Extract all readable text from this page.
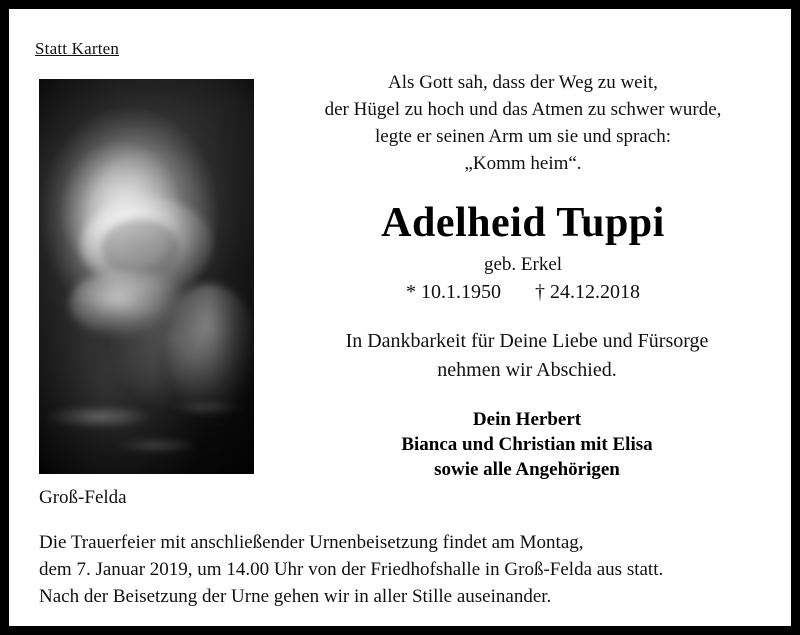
Statt Karten
Als Gott sah, dass der Weg zu weit,
der Hügel zu hoch und das Atmen zu schwer wurde,
legte er seinen Arm um sie und sprach:
„Komm heim“.
Adelheid Tuppi
geb. Erkel
* 10.1.1950 † 24.12.2018
In Dankbarkeit für Deine Liebe und Fürsorge
nehmen wir Abschied.
Dein Herbert
Bianca und Christian mit Elisa
sowie alle Angehörigen
Groß-Felda
Die Trauerfeier mit anschließender Urnenbeisetzung findet am Montag,
dem 7. Januar 2019, um 14.00 Uhr von der Friedhofshalle in Groß-Felda aus statt.
Nach der Beisetzung der Urne gehen wir in aller Stille auseinander.
